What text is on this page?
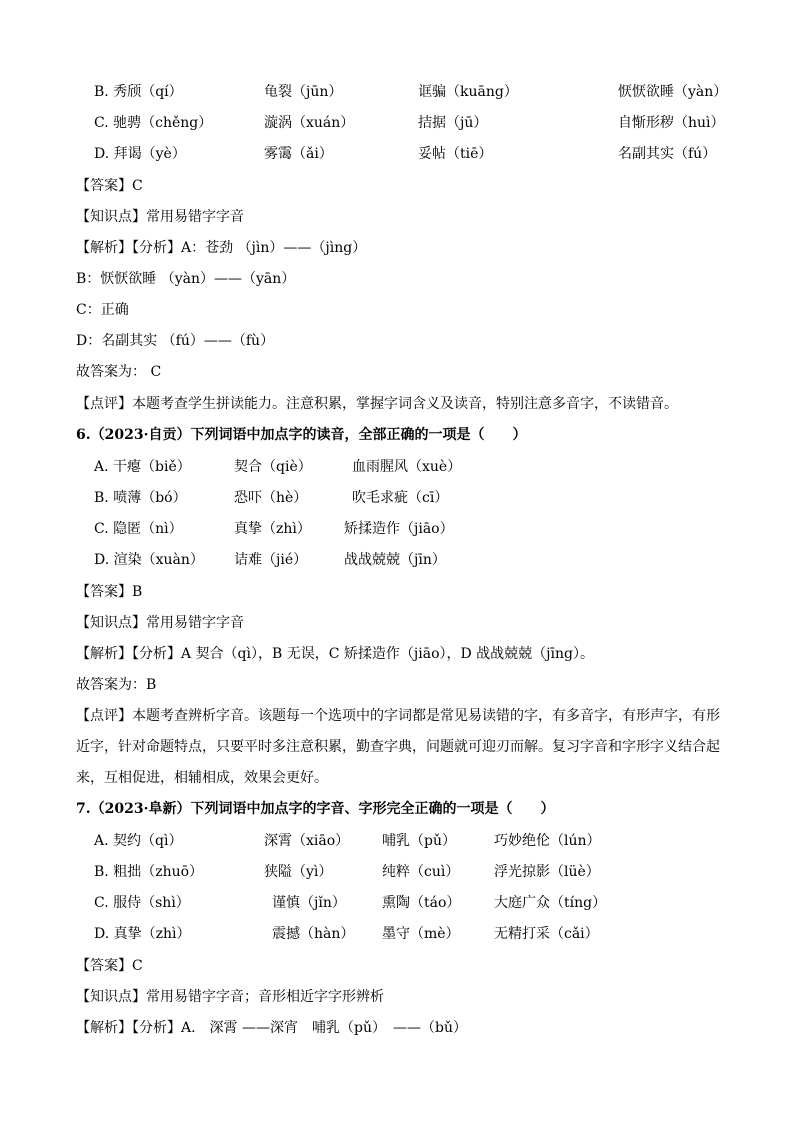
B. 秀颀（qí）	龟裂（jūn）	诓骗（kuāng）	恹恹欲睡（yàn）
C. 驰骋（chěng）	漩涡（xuán）	拮据（jū）	自惭形秽（huì）
D. 拜谒（yè）	雾霭（ǎi）	妥帖（tiē）	名副其实（fú）
【答案】C
【知识点】常用易错字字音
【解析】【分析】A：苍劲 （jìn）——（jìng）
B：恹恹欲睡 （yàn）——（yān）
C：正确
D：名副其实 （fú）——（fù）
故答案为： C
【点评】本题考查学生拼读能力。注意积累，掌握字词含义及读音，特别注意多音字，不读错音。
6.（2023·自贡）下列词语中加点字的读音，全部正确的一项是（　　）
A. 干瘪（biě）	契合（qiè）	血雨腥风（xuè）
B. 喷薄（bó）	恐吓（hè）	吹毛求疵（cī）
C. 隐匿（nì）	真挚（zhì） 矫揉造作（jiāo）
D. 渲染（xuàn） 诘难（jié）	战战兢兢（jīn）
【答案】B
【知识点】常用易错字字音
【解析】【分析】A 契合（qì），B 无误，C 矫揉造作（jiāo），D 战战兢兢（jīng）。
故答案为：B
【点评】本题考查辨析字音。该题每一个选项中的字词都是常见易读错的字，有多音字，有形声字，有形
近字，针对命题特点，只要平时多注意积累，勤查字典，问题就可迎刃而解。复习字音和字形字义结合起
来，互相促进，相辅相成，效果会更好。
7.（2023·阜新）下列词语中加点字的字音、字形完全正确的一项是（　　）
A. 契约（qì）	深霄（xiāo） 哺乳（pǔ）	巧妙绝伦（lún）
B. 粗拙（zhuō）	狭隘（yì）	纯粹（cuì） 浮光掠影（lüè）
C. 服侍（shì）	谨慎（jǐn）	熏陶（táo） 大庭广众（tíng）
D. 真挚（zhì）	震撼（hàn） 墨守（mè） 无精打采（cǎi）
【答案】C
【知识点】常用易错字字音；音形相近字字形辨析
【解析】【分析】A.　深霄 ——深宵　哺乳（pǔ）　——（bǔ）
